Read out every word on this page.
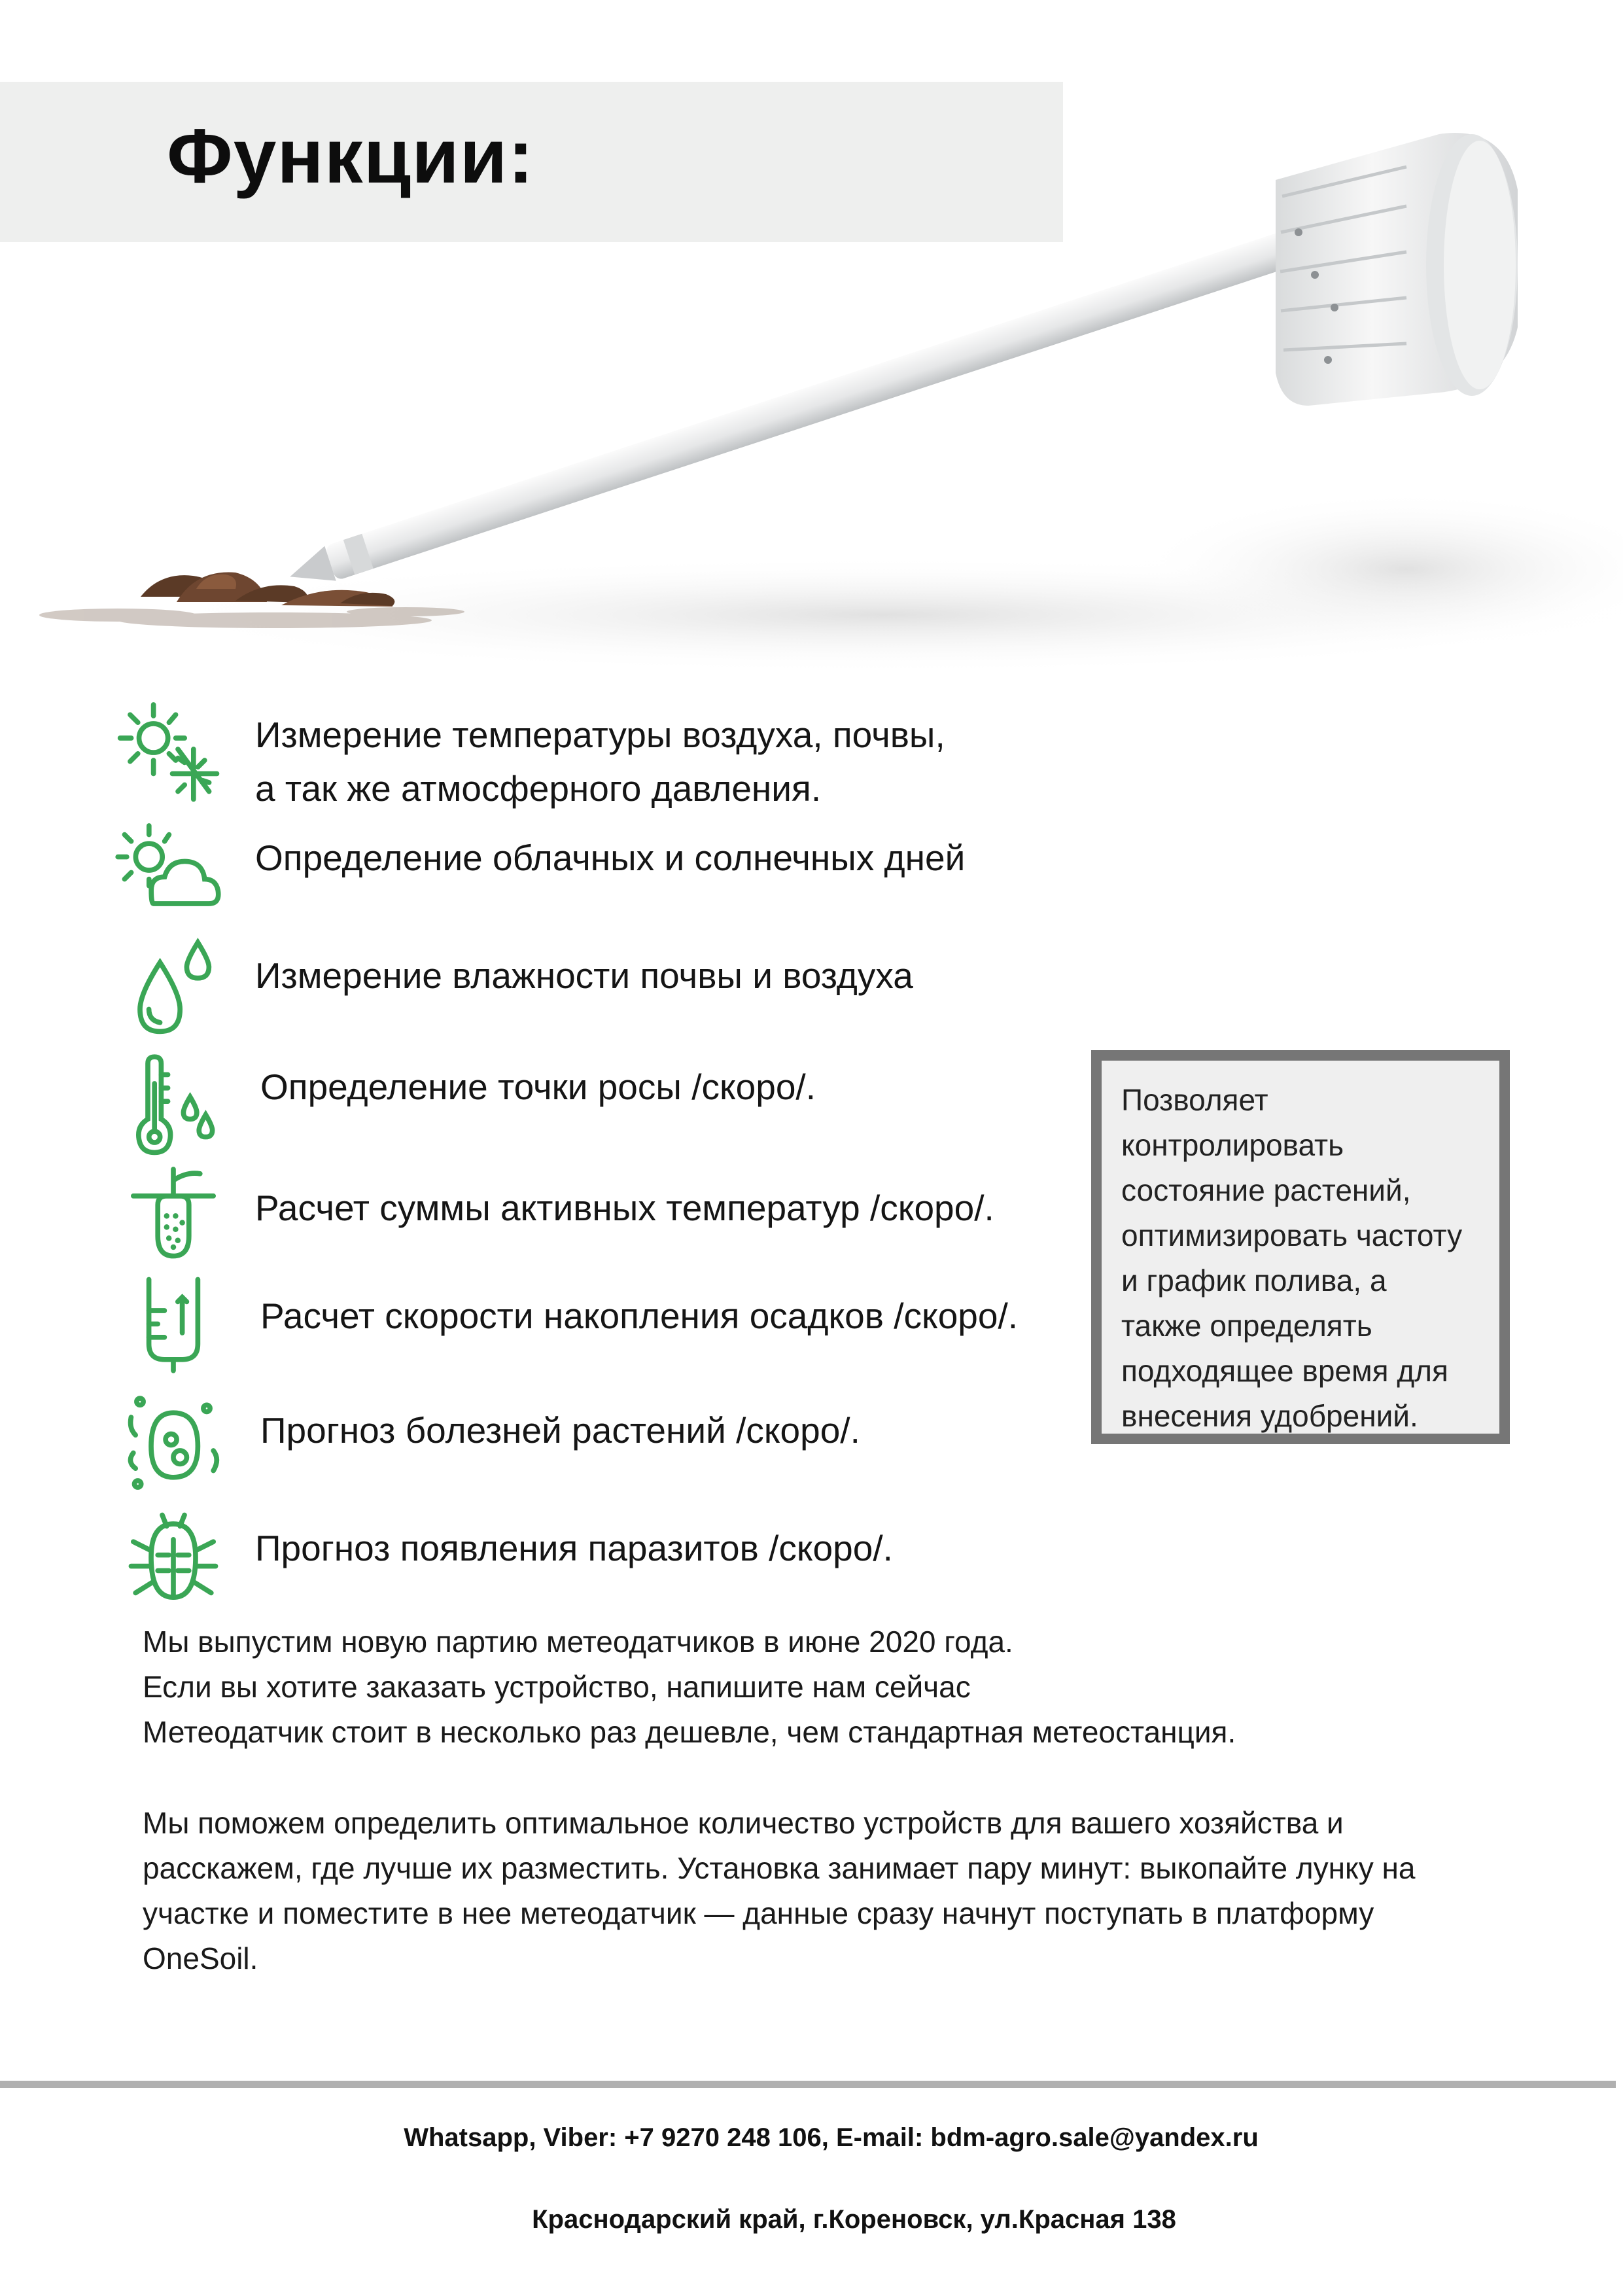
Функции:
Измерение температуры воздуха, почвы,
а так же атмосферного давления.
Определение облачных и солнечных дней
Измерение влажности почвы и воздуха
Определение точки росы /скоро/.
Расчет суммы активных температур /скоро/.
Расчет скорости накопления осадков /скоро/.
Прогноз болезней растений /скоро/.
Прогноз появления паразитов /скоро/.
Позволяет
контролировать
состояние растений,
оптимизировать частоту
и график полива, а
также определять
подходящее время для
внесения удобрений.
Мы выпустим новую партию метеодатчиков в июне 2020 года.
Если вы хотите заказать устройство, напишите нам сейчас
Метеодатчик стоит в несколько раз дешевле, чем стандартная метеостанция.
Мы поможем определить оптимальное количество устройств для вашего хозяйства и
расскажем, где лучше их разместить. Установка занимает пару минут: выкопайте лунку на
участке и поместите в нее метеодатчик — данные сразу начнут поступать в платформу
OneSoil.
Whatsapp, Viber: +7 9270 248 106, E-mail: bdm-agro.sale@yandex.ru
Краснодарский край, г.Кореновск, ул.Красная 138
